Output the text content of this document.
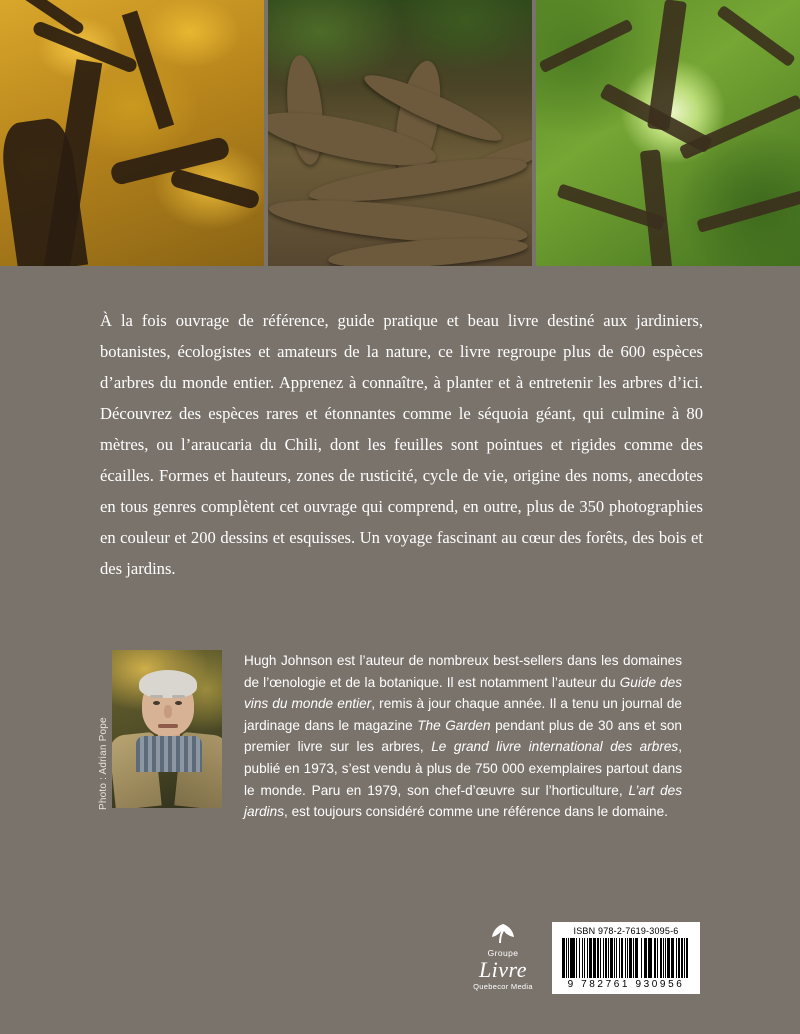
À la fois ouvrage de référence, guide pratique et beau livre destiné aux jardiniers, botanistes, écologistes et amateurs de la nature, ce livre regroupe plus de 600 espèces d’arbres du monde entier. Apprenez à connaître, à planter et à entretenir les arbres d’ici. Découvrez des espèces rares et étonnantes comme le séquoia géant, qui culmine à 80 mètres, ou l’araucaria du Chili, dont les feuilles sont pointues et rigides comme des écailles. Formes et hauteurs, zones de rusticité, cycle de vie, origine des noms, anecdotes en tous genres complètent cet ouvrage qui comprend, en outre, plus de 350 photographies en couleur et 200 dessins et esquisses. Un voyage fascinant au cœur des forêts, des bois et des jardins.
Photo : Adrian Pope
Hugh Johnson est l’auteur de nombreux best-sellers dans les domaines de l’œnologie et de la botanique. Il est notamment l’auteur du Guide des vins du monde entier, remis à jour chaque année. Il a tenu un journal de jardinage dans le magazine The Garden pendant plus de 30 ans et son premier livre sur les arbres, Le grand livre international des arbres, publié en 1973, s’est vendu à plus de 750 000 exemplaires partout dans le monde. Paru en 1979, son chef-d’œuvre sur l’horticulture, L’art des jardins, est toujours considéré comme une référence dans le domaine.
Groupe
Livre
Quebecor Media
ISBN 978-2-7619-3095-6
9 782761 930956
